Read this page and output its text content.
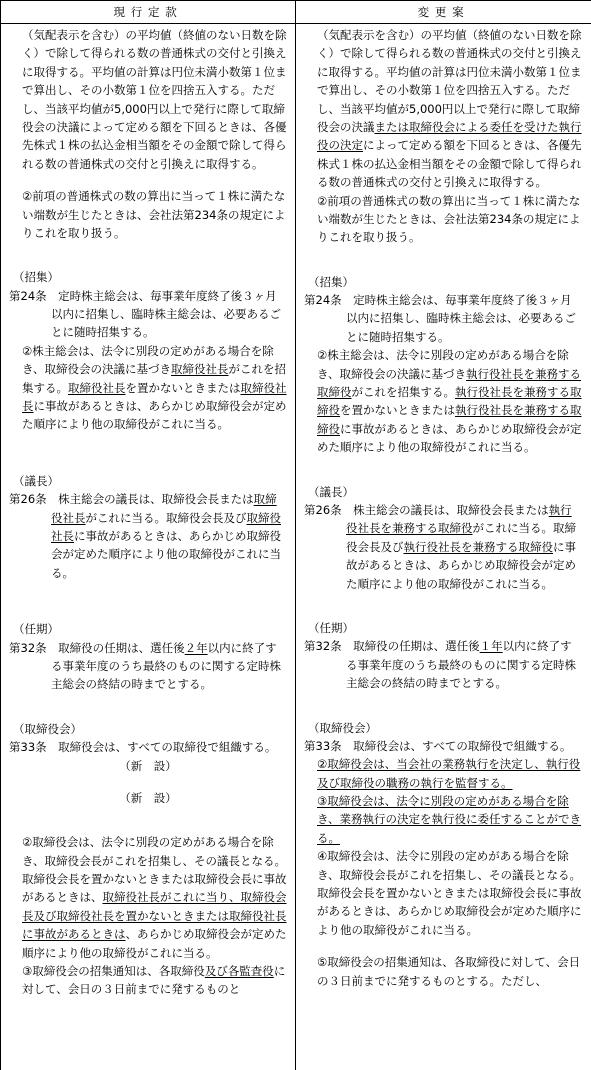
現行定款	変更案

（気配表示を含む）の平均値（終値のない日数を除く）で除して得られる数の普通株式の交付と引換えに取得する。平均値の計算は円位未満小数第１位まで算出し、その小数第１位を四捨五入する。ただし、当該平均値が5,000円以上で発行に際して取締役会の決議によって定める額を下回るときは、各優先株式１株の払込金相当額をその金額で除して得られる数の普通株式の交付と引換えに取得する。

②前項の普通株式の数の算出に当って１株に満たない端数が生じたときは、会社法第234条の規定によりこれを取り扱う。

（招集）

第24条　定時株主総会は、毎事業年度終了後３ヶ月以内に招集し、臨時株主総会は、必要あるごとに随時招集する。

②株主総会は、法令に別段の定めがある場合を除き、取締役会の決議に基づき取締役社長がこれを招集する。取締役社長を置かないときまたは取締役社長に事故があるときは、あらかじめ取締役会が定めた順序により他の取締役がこれに当る。

（議長）

第26条　株主総会の議長は、取締役会長または取締役社長がこれに当る。取締役会長及び取締役社長に事故があるときは、あらかじめ取締役会が定めた順序により他の取締役がこれに当る。

（任期）

第32条　取締役の任期は、選任後２年以内に終了する事業年度のうち最終のものに関する定時株主総会の終結の時までとする。

（取締役会）

第33条　取締役会は、すべての取締役で組織する。

（新　設）

（新　設）

②取締役会は、法令に別段の定めがある場合を除き、取締役会長がこれを招集し、その議長となる。取締役会長を置かないときまたは取締役会長に事故があるときは、取締役社長がこれに当り、取締役会長及び取締役社長を置かないときまたは取締役社長に事故があるときは、あらかじめ取締役会が定めた順序により他の取締役がこれに当る。

③取締役会の招集通知は、各取締役及び各監査役に対して、会日の３日前までに発するものと

（気配表示を含む）の平均値（終値のない日数を除く）で除して得られる数の普通株式の交付と引換えに取得する。平均値の計算は円位未満小数第１位まで算出し、その小数第１位を四捨五入する。ただし、当該平均値が5,000円以上で発行に際して取締役会の決議または取締役会による委任を受けた執行役の決定によって定める額を下回るときは、各優先株式１株の払込金相当額をその金額で除して得られる数の普通株式の交付と引換えに取得する。

②前項の普通株式の数の算出に当って１株に満たない端数が生じたときは、会社法第234条の規定によりこれを取り扱う。

（招集）

第24条　定時株主総会は、毎事業年度終了後３ヶ月以内に招集し、臨時株主総会は、必要あるごとに随時招集する。

②株主総会は、法令に別段の定めがある場合を除き、取締役会の決議に基づき執行役社長を兼務する取締役がこれを招集する。執行役社長を兼務する取締役を置かないときまたは執行役社長を兼務する取締役に事故があるときは、あらかじめ取締役会が定めた順序により他の取締役がこれに当る。

（議長）

第26条　株主総会の議長は、取締役会長または執行役社長を兼務する取締役がこれに当る。取締役会長及び執行役社長を兼務する取締役に事故があるときは、あらかじめ取締役会が定めた順序により他の取締役がこれに当る。

（任期）

第32条　取締役の任期は、選任後１年以内に終了する事業年度のうち最終のものに関する定時株主総会の終結の時までとする。

（取締役会）

第33条　取締役会は、すべての取締役で組織する。

②取締役会は、当会社の業務執行を決定し、執行役及び取締役の職務の執行を監督する。

③取締役会は、法令に別段の定めがある場合を除き、業務執行の決定を執行役に委任することができる。

④取締役会は、法令に別段の定めがある場合を除き、取締役会長がこれを招集し、その議長となる。取締役会長を置かないときまたは取締役会長に事故があるときは、あらかじめ取締役会が定めた順序により他の取締役がこれに当る。

⑤取締役会の招集通知は、各取締役に対して、会日の３日前までに発するものとする。ただし、
